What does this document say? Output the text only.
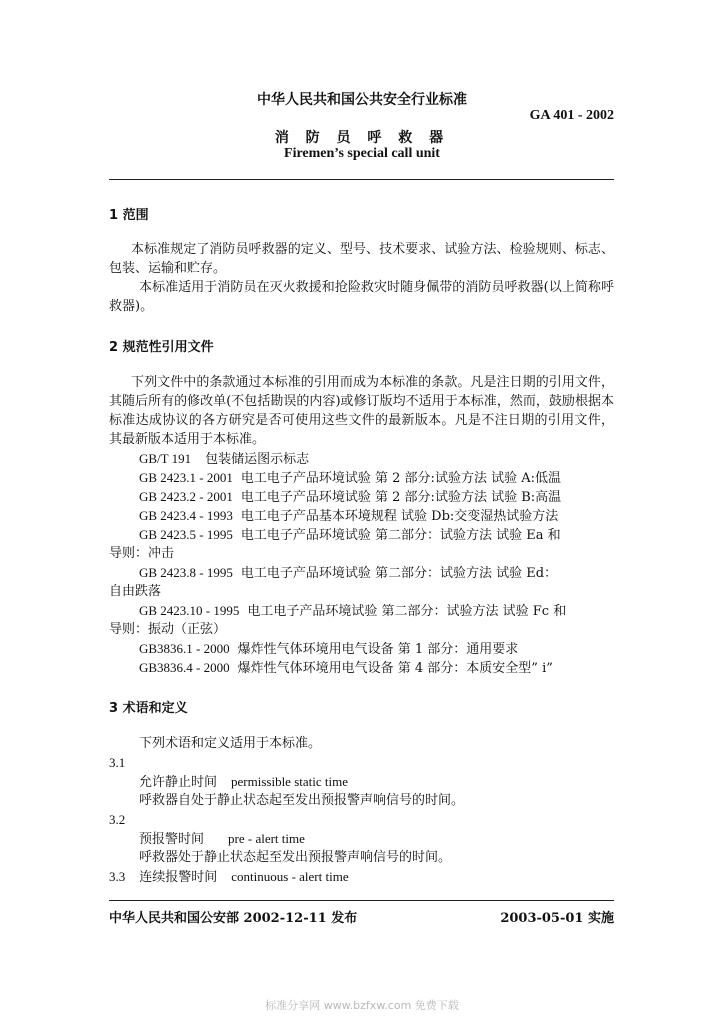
中华人民共和国公共安全行业标准
GA 401 - 2002
消 防 员 呼 救 器
Firemen’s special call unit
1 范围
本标准规定了消防员呼救器的定义、型号、技术要求、试验方法、检验规则、标志、包装、运输和贮存。
本标准适用于消防员在灭火救援和抢险救灾时随身佩带的消防员呼救器(以上简称呼救器)。
2 规范性引用文件
下列文件中的条款通过本标准的引用而成为本标准的条款。凡是注日期的引用文件，其随后所有的修改单(不包括勘误的内容)或修订版均不适用于本标准，然而，鼓励根据本标准达成协议的各方研究是否可使用这些文件的最新版本。凡是不注日期的引用文件，其最新版本适用于本标准。
GB/T 191 包装储运图示标志
GB 2423.1 - 2001 电工电子产品环境试验 第 2 部分:试验方法 试验 A:低温
GB 2423.2 - 2001 电工电子产品环境试验 第 2 部分:试验方法 试验 B:高温
GB 2423.4 - 1993 电工电子产品基本环境规程 试验 Db:交变湿热试验方法
GB 2423.5 - 1995 电工电子产品环境试验 第二部分：试验方法 试验 Ea 和
导则：冲击
GB 2423.8 - 1995 电工电子产品环境试验 第二部分：试验方法 试验 Ed：
自由跌落
GB 2423.10 - 1995 电工电子产品环境试验 第二部分：试验方法 试验 Fc 和
导则：振动（正弦）
GB3836.1 - 2000 爆炸性气体环境用电气设备 第 1 部分：通用要求
GB3836.4 - 2000 爆炸性气体环境用电气设备 第 4 部分：本质安全型” i”
3 术语和定义
下列术语和定义适用于本标准。
3.1
允许静止时间 permissible static time
呼救器自处于静止状态起至发出预报警声响信号的时间。
3.2
预报警时间 pre - alert time
呼救器处于静止状态起至发出预报警声响信号的时间。
3.3 连续报警时间 continuous - alert time
中华人民共和国公安部 2002-12-11 发布	2003-05-01 实施
标准分享网 www.bzfxw.com 免费下载
